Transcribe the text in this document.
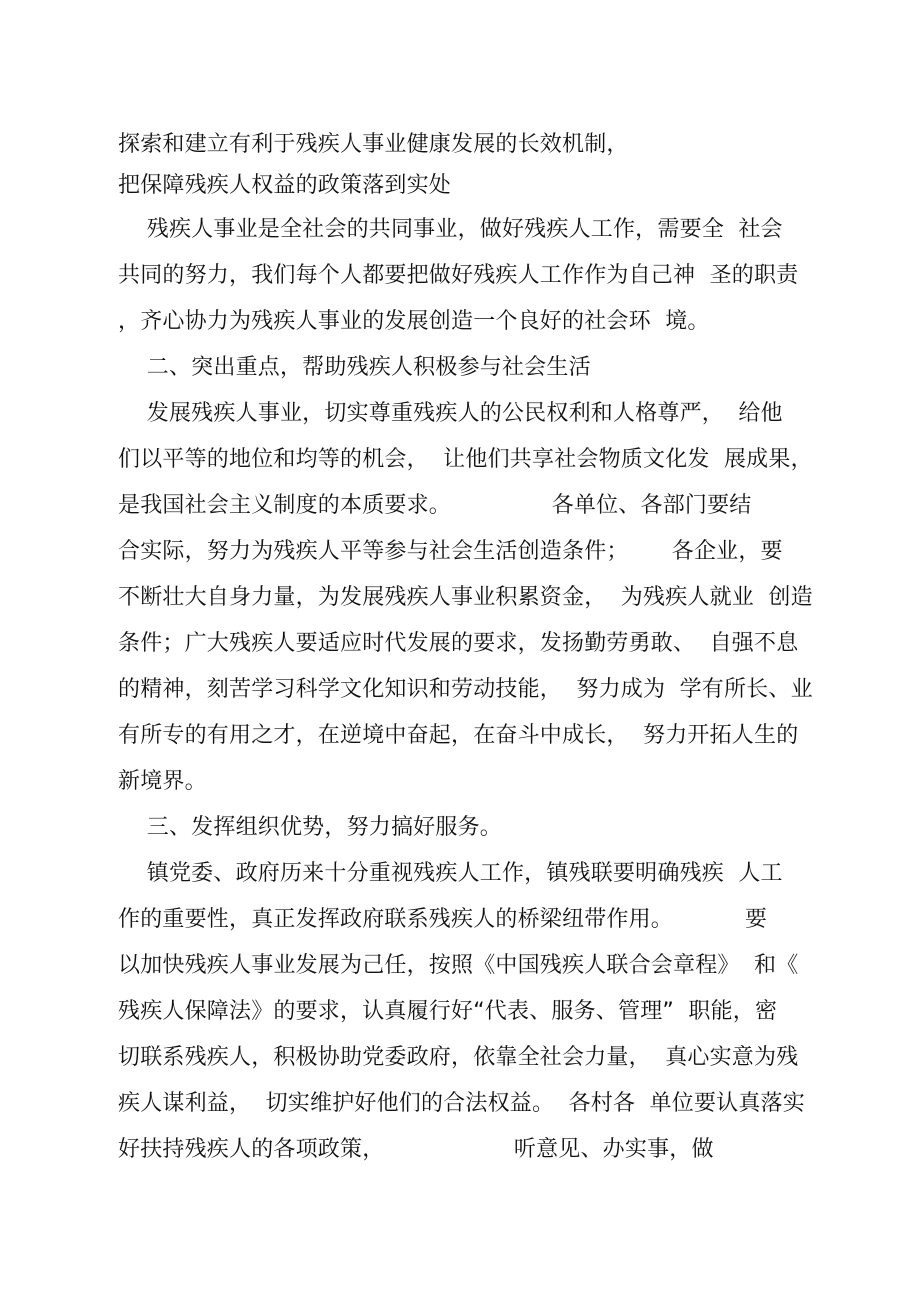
探索和建立有利于残疾人事业健康发展的长效机制，
把保障残疾人权益的政策落到实处
残疾人事业是全社会的共同事业，做好残疾人工作，需要全  社会
共同的努力，我们每个人都要把做好残疾人工作作为自己神  圣的职责
，齐心协力为残疾人事业的发展创造一个良好的社会环  境。
二、突出重点，帮助残疾人积极参与社会生活
发展残疾人事业，切实尊重残疾人的公民权利和人格尊严，  给他
们以平等的地位和均等的机会，  让他们共享社会物质文化发  展成果，
是我国社会主义制度的本质要求。              各单位、各部门要结
合实际，努力为残疾人平等参与社会生活创造条件；      各企业，要
不断壮大自身力量，为发展残疾人事业积累资金，  为残疾人就业  创造
条件；广大残疾人要适应时代发展的要求，发扬勤劳勇敢、  自强不息
的精神，刻苦学习科学文化知识和劳动技能，  努力成为  学有所长、业
有所专的有用之才，在逆境中奋起，在奋斗中成长，  努力开拓人生的
新境界。
三、发挥组织优势，努力搞好服务。
镇党委、政府历来十分重视残疾人工作，镇残联要明确残疾  人工
作的重要性，真正发挥政府联系残疾人的桥梁纽带作用。          要
以加快残疾人事业发展为己任，按照《中国残疾人联合会章程》  和《
残疾人保障法》的要求，认真履行好“代表、服务、管理”  职能，密
切联系残疾人，积极协助党委政府，依靠全社会力量，  真心实意为残
疾人谋利益，  切实维护好他们的合法权益。  各村各  单位要认真落实
好扶持残疾人的各项政策，                  听意见、办实事，做
